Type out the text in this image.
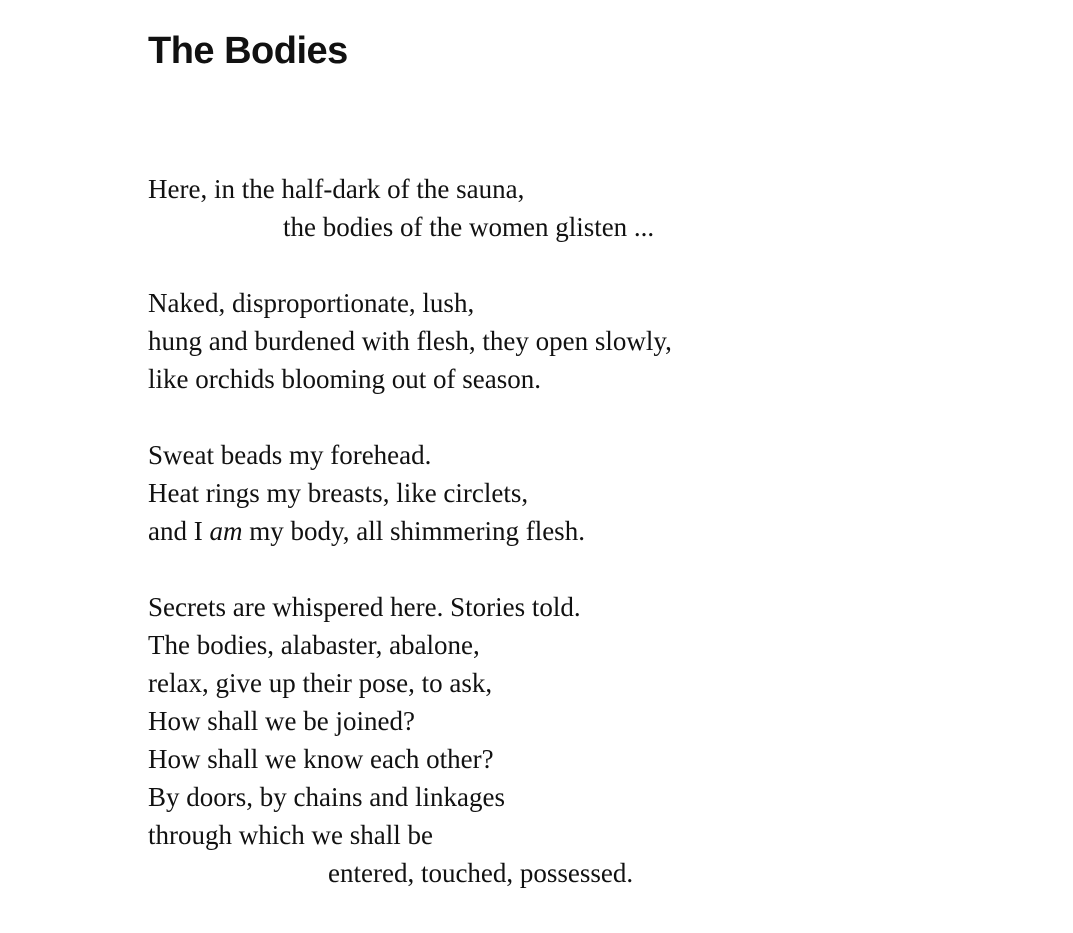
The Bodies
Here, in the half-dark of the sauna,
the bodies of the women glisten ...
Naked, disproportionate, lush,
hung and burdened with flesh, they open slowly,
like orchids blooming out of season.
Sweat beads my forehead.
Heat rings my breasts, like circlets,
and I am my body, all shimmering flesh.
Secrets are whispered here. Stories told.
The bodies, alabaster, abalone,
relax, give up their pose, to ask,
How shall we be joined?
How shall we know each other?
By doors, by chains and linkages
through which we shall be
entered, touched, possessed.
